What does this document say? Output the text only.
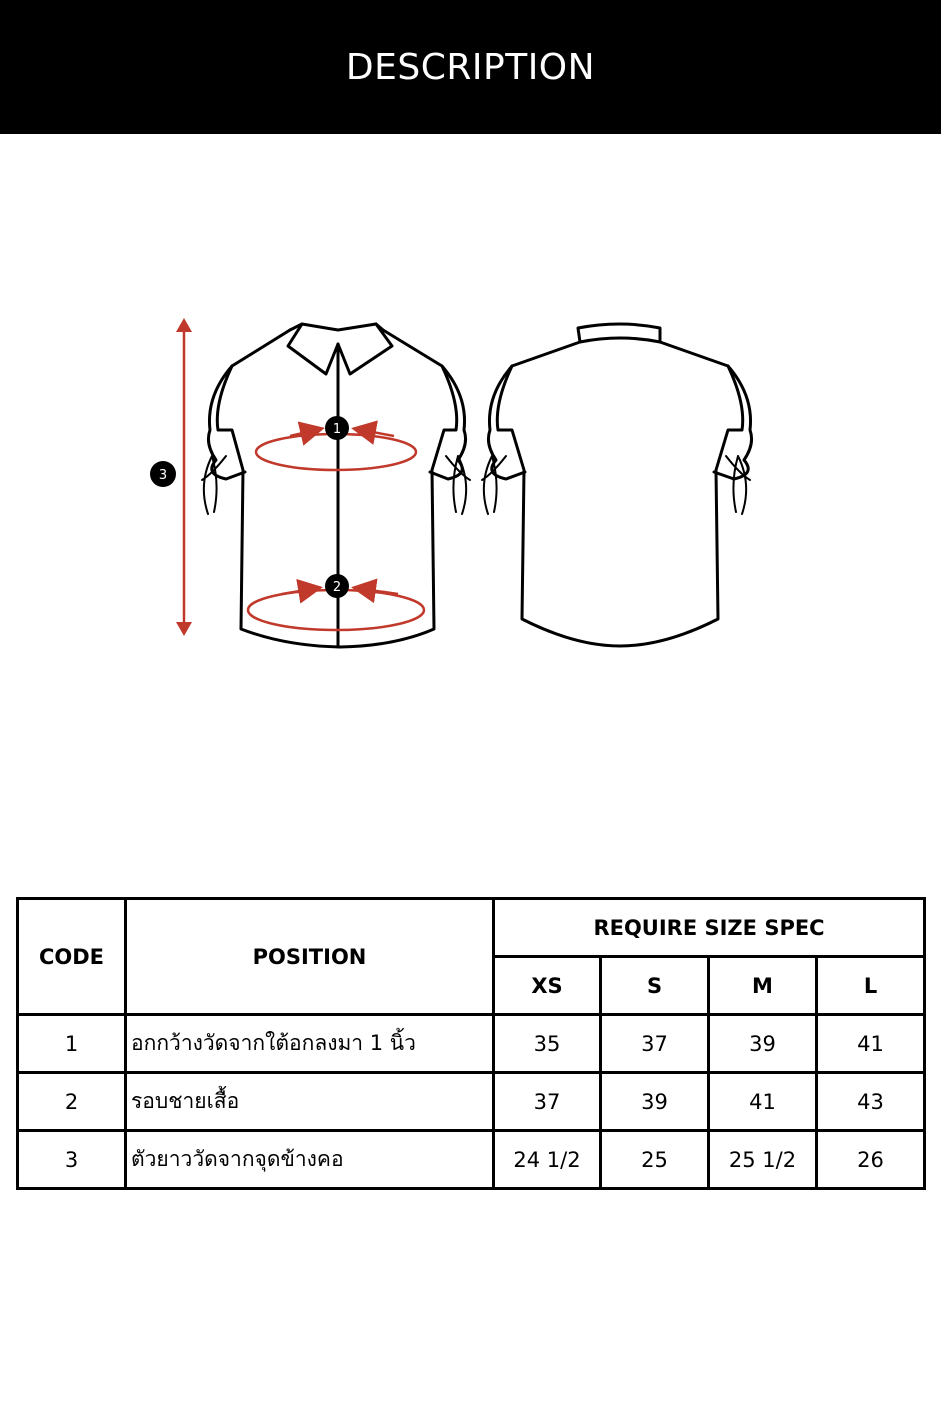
DESCRIPTION
1
2
3
CODE	POSITION	REQUIRE SIZE SPEC			
		XS	S	M	L
1	อกกว้างวัดจากใต้อกลงมา 1 นิ้ว	35	37	39	41
2	รอบชายเสื้อ	37	39	41	43
3	ตัวยาววัดจากจุดข้างคอ	24 1/2	25	25 1/2	26
